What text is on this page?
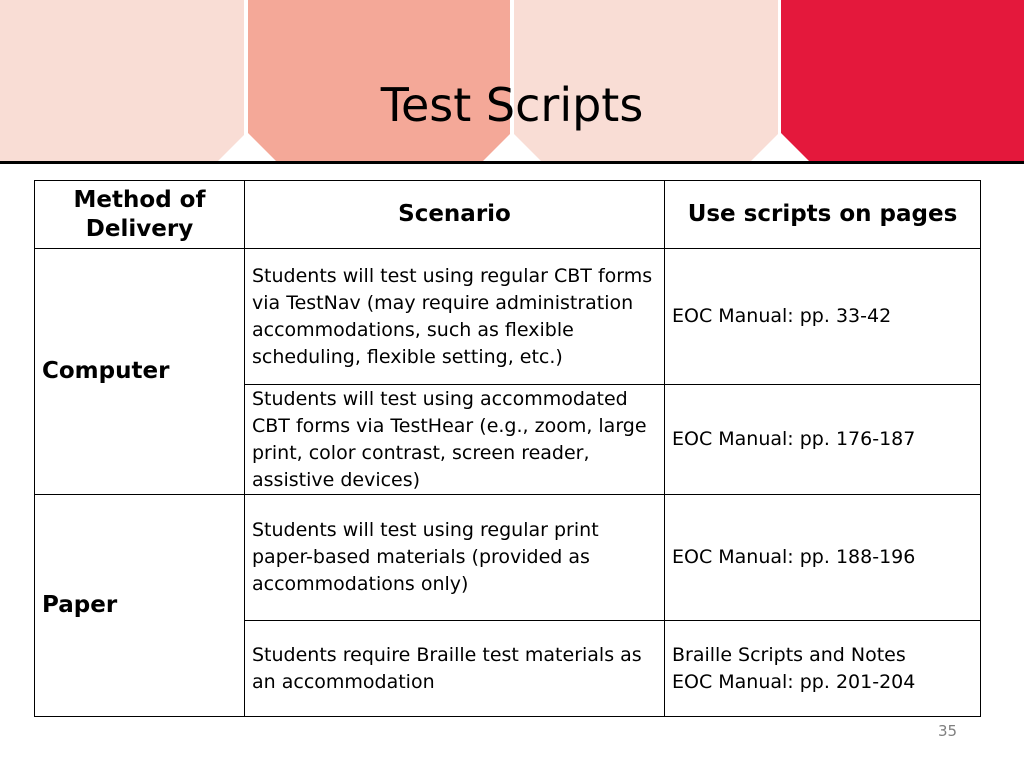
Test Scripts
Method of Delivery	Scenario	Use scripts on pages
Computer	Students will test using regular CBT forms via TestNav (may require administration accommodations, such as flexible scheduling, flexible setting, etc.)	EOC Manual: pp. 33-42
	Students will test using accommodated CBT forms via TestHear (e.g., zoom, large print, color contrast, screen reader, assistive devices)	EOC Manual: pp. 176-187
Paper	Students will test using regular print paper-based materials (provided as accommodations only)	EOC Manual: pp. 188-196
	Students require Braille test materials as an accommodation	Braille Scripts and Notes
EOC Manual: pp. 201-204
35
